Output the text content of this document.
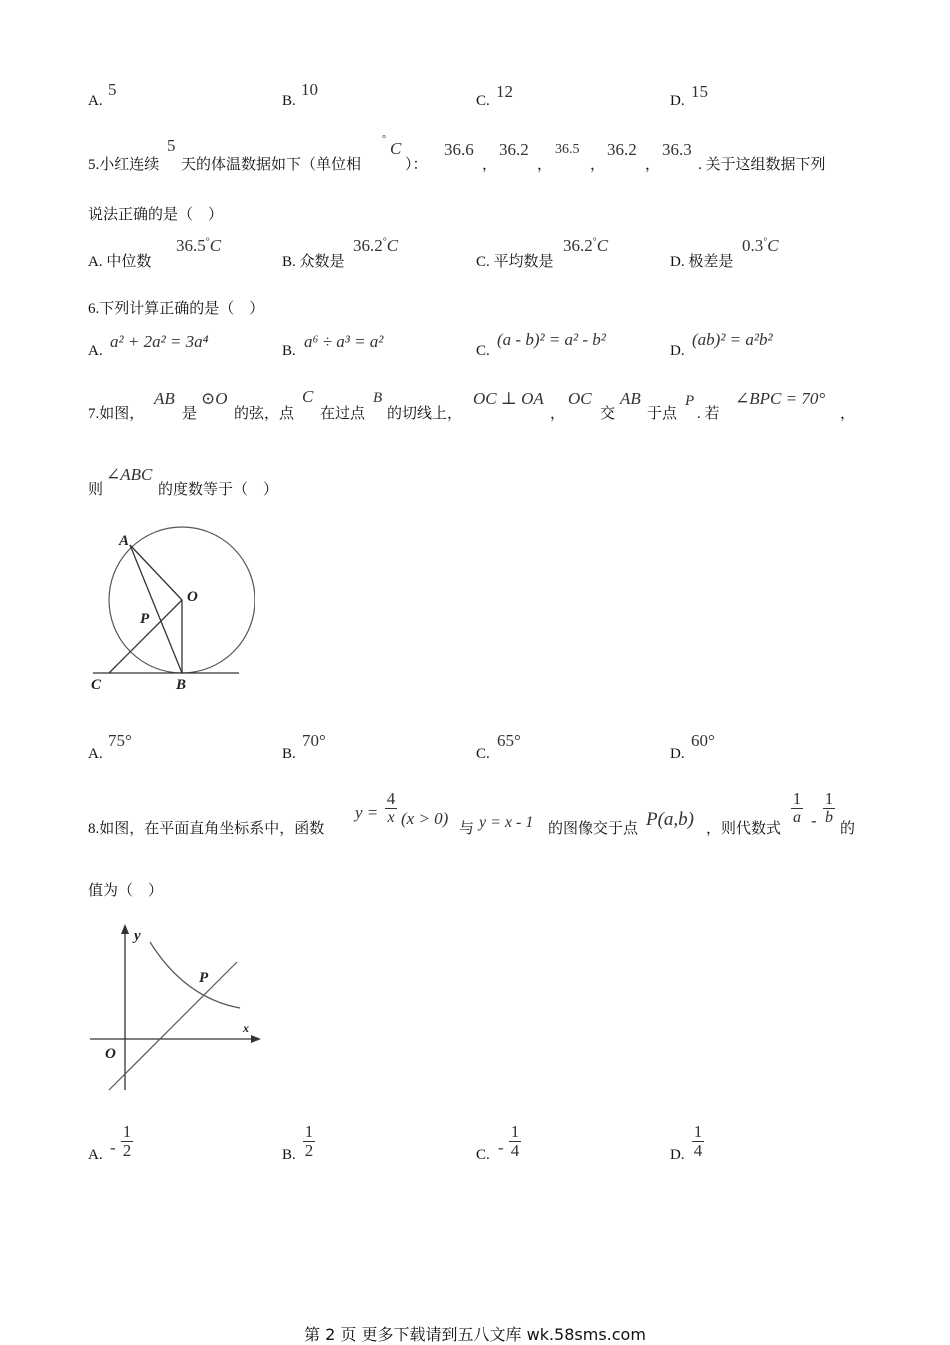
A.
5
B.
10
C. 12	D. 15
5.小红连续
5
天的体温数据如下（单位相
° C
）：
36.6
，
36.2
，
36.5
，
36.2
，
36.3
. 关于这组数据下列
说法正确的是（　）
A. 中位数
36.5°C
B. 众数是
36.2°C
C. 平均数是
36.2°C
D. 极差是
0.3°C
6.下列计算正确的是（　）
A. a² + 2a² = 3a⁴	B. a⁶ ÷ a³ = a²	C.
(a - b)² = a² - b²
D.
(ab)² = a²b²
7.如图，
AB
是
⊙O
的弦，点
C
在过点
B
的切线上，
OC ⊥ OA
，
OC
交
AB
于点
P
. 若
∠BPC = 70°
，
则
∠ABC
的度数等于（　）
A
O
P
C	B
A.
75°
B.
70°
C.
65°
D.
60°
8.如图，在平面直角坐标系中，函数
$y = \frac{4}{x} (x > 0)$
与 y = x - 1 的图像交于点 P(a,b) ，则代数式
$\frac{1}{a} - \frac{1}{b}$
的
值为（　）
y
x
P
O
A. - $\frac{1}{2}$	B. $\frac{1}{2}$	C. - $\frac{1}{4}$	D. $\frac{1}{4}$
第 2 页 更多下载请到五八文库 wk.58sms.com
